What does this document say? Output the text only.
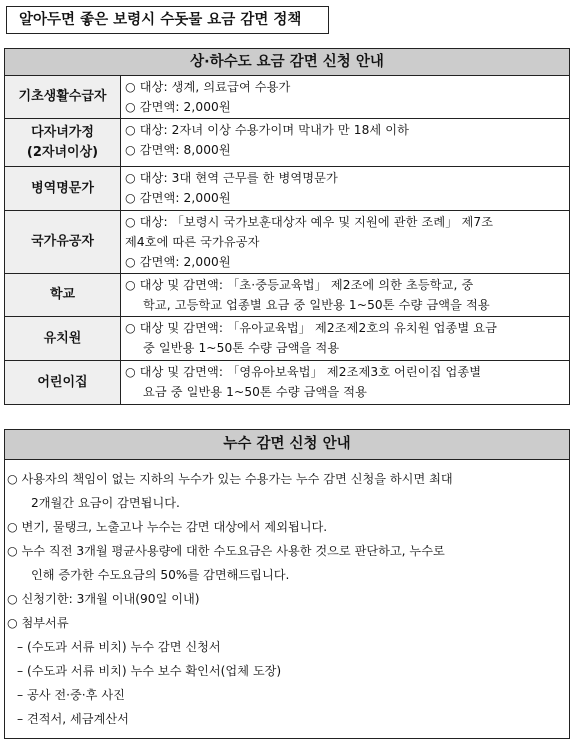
알아두면 좋은 보령시 수돗물 요금 감면 정책
상·하수도 요금 감면 신청 안내	

기초생활수급자	○ 대상: 생계, 의료급여 수용가
○ 감면액: 2,000원

다자녀가정
(2자녀이상)	○ 대상: 2자녀 이상 수용가이며 막내가 만 18세 이하
○ 감면액: 8,000원

병역명문가	○ 대상: 3대 현역 근무를 한 병역명문가
○ 감면액: 2,000원

국가유공자	○ 대상: 「보령시 국가보훈대상자 예우 및 지원에 관한 조례」 제7조
제4호에 따른 국가유공자
○ 감면액: 2,000원

학교	○ 대상 및 감면액: 「초·중등교육법」 제2조에 의한 초등학교, 중
학교, 고등학교 업종별 요금 중 일반용 1~50톤 수량 금액을 적용

유치원	○ 대상 및 감면액: 「유아교육법」 제2조제2호의 유치원 업종별 요금
중 일반용 1~50톤 수량 금액을 적용

어린이집	○ 대상 및 감면액: 「영유아보육법」 제2조제3호 어린이집 업종별
요금 중 일반용 1~50톤 수량 금액을 적용
누수 감면 신청 안내
○ 사용자의 책임이 없는 지하의 누수가 있는 수용가는 누수 감면 신청을 하시면 최대
2개월간 요금이 감면됩니다.
○ 변기, 물탱크, 노출고나 누수는 감면 대상에서 제외됩니다.
○ 누수 직전 3개월 평균사용량에 대한 수도요금은 사용한 것으로 판단하고, 누수로
인해 증가한 수도요금의 50%를 감면해드립니다.
○ 신청기한: 3개월 이내(90일 이내)
○ 첨부서류
– (수도과 서류 비치) 누수 감면 신청서
– (수도과 서류 비치) 누수 보수 확인서(업체 도장)
– 공사 전·중·후 사진
– 견적서, 세금계산서
